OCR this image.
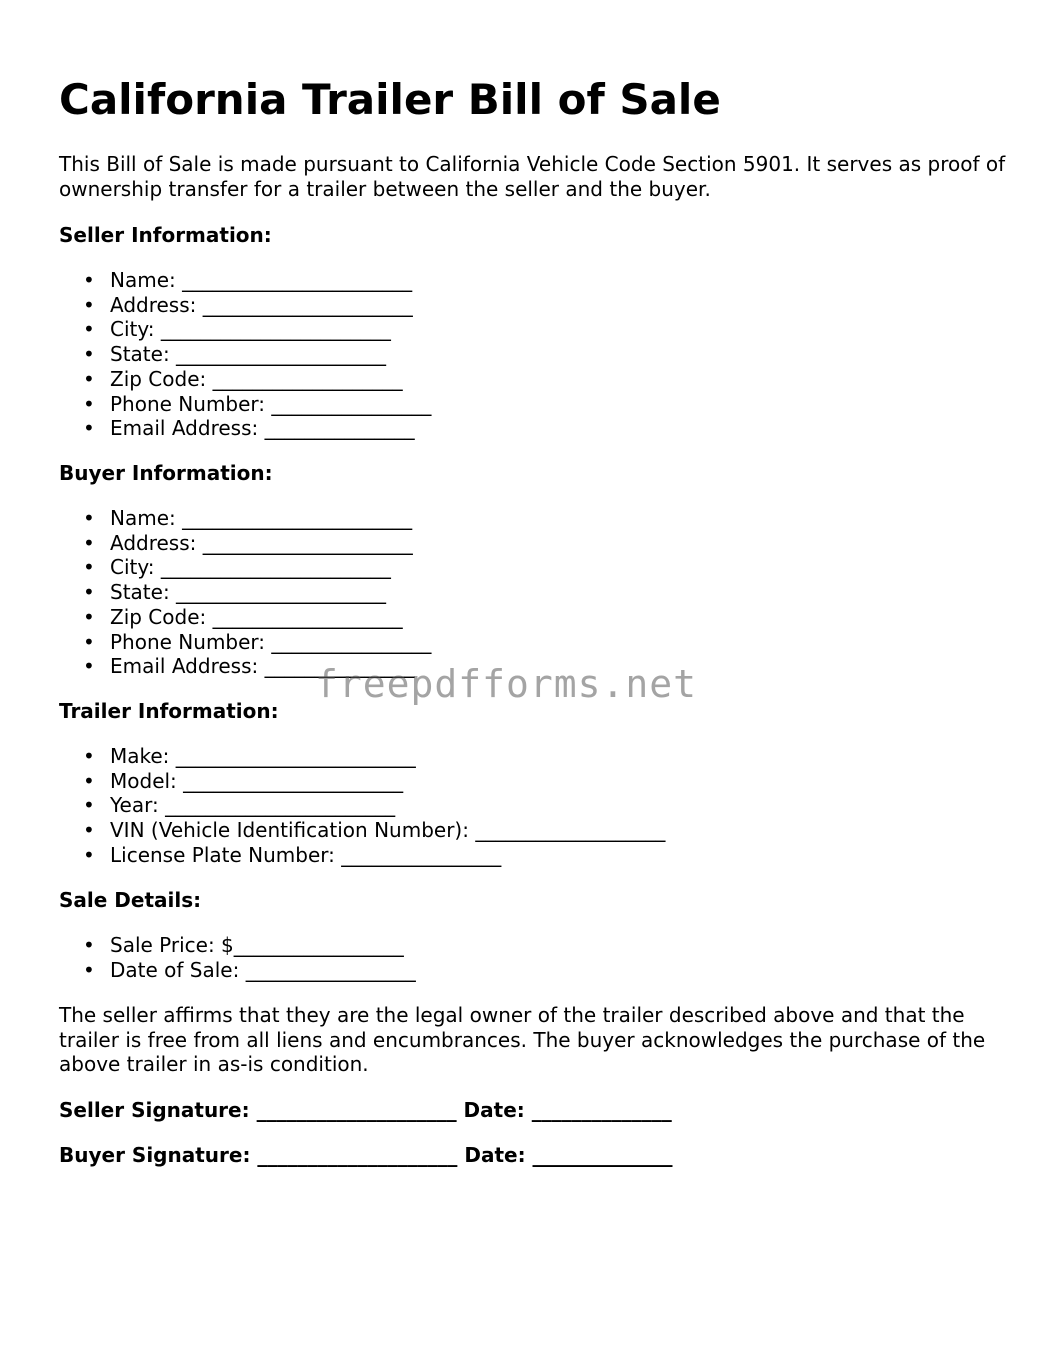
California Trailer Bill of Sale

This Bill of Sale is made pursuant to California Vehicle Code Section 5901. It serves as proof of ownership transfer for a trailer between the seller and the buyer.

Seller Information:

• Name: _______________________
• Address: _____________________
• City: _______________________
• State: _____________________
• Zip Code: ___________________
• Phone Number: ________________
• Email Address: _______________

Buyer Information:

• Name: _______________________
• Address: _____________________
• City: _______________________
• State: _____________________
• Zip Code: ___________________
• Phone Number: ________________
• Email Address: _______________

Trailer Information:

• Make: ________________________
• Model: ______________________
• Year: _______________________
• VIN (Vehicle Identification Number): ___________________
• License Plate Number: ________________

Sale Details:

• Sale Price: $_________________
• Date of Sale: _________________

The seller affirms that they are the legal owner of the trailer described above and that the trailer is free from all liens and encumbrances. The buyer acknowledges the purchase of the above trailer in as-is condition.

Seller Signature: ____________________ Date: ______________

Buyer Signature: ____________________ Date: ______________

freepdfforms.net
